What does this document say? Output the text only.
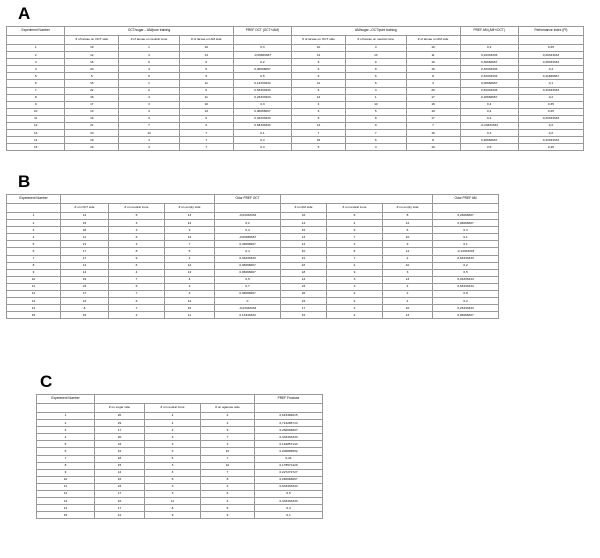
A
Experiment Number	OCT/sugar – AM/pure training			PREF OCT (OCT+/AM)	AM/sugar –OCT/pure training			PREF AM (AM+/OCT)	Performance Index (PI)
	# of larvae on OCT side	# of larvae on neutral zone	# of larvae on AM side		# of larvae on OCT side	# of larvae on neutral zone	# of larvae on AM side		
1	19	1	10	0,3	10	4	16	0,2	0,25
2	12	4	14	-0,06666667	14	13	11	0,23333333	0,26333333
3	15	6	9	0,2	5	9	16	0,36666667	0,28333333
4	20	4	6	0,46666667	6	8	16	0,33333333	0,4
5	5	5	5	0,5	6	6	8	0,33333333	0,41666667
6	15	1	11	0,13333333	11	6	3	0,06666667	0,1
7	22	2	6	0,53333333	6	4	20	0,53333333	0,43333333
8	18	4	11	0,23333333	12	1	17	0,16666667	0,2
9	17	3	10	0,3	4	10	16	0,4	0,35
10	13	3	14	0,06666667	6	5	19	0,4	0,25
11	19	3	9	0,33333333	5	8	17	0,4	0,23333333
12	21	7	2	0,63333333	14	9	7	-0,23333333	0,2
13	10	13	7	0,1	7	7	16	0,3	0,2
14	19	4	7	0,4	16	6	8	0,46666667	0,43333333
15	19	4	7	0,4	5	4	19	0,5	0,45
B
Experiment Number				Odor PREF OCT				Odor PREF AM
	# on OCT side	# on neutral zone	# on empty side		# on AM side	# on neutral zone	# on empty side	
1	12	5	13	-0,03333333	16	6	8	0,26666667
2	15	3	12	0,2	14	4	12	0,06666667
3	18	3	9	0,3	15	9	6	0,3
4	11	6	13	-0,06666667	13	7	10	0,1
5	21	2	7	0,46666667	12	3	9	0,1
6	17	8	5	0,4	10	6	14	-0,13333333
7	17	9	4	0,43333333	21	7	2	0,63333333
8	14	6	12	0,06666667	16	4	10	0,2
9	14	4	12	0,06666667	18	9	3	0,5
10	19	7	4	0,5	14	3	13	0,03333333
11	23	5	2	0,7	23	3	4	0,63333333
12	17	7	6	0,36666667	26	2	2	0,8
13	12	6	12	0	24	2	4	0,2
14	8	7	15	-0,23333333	17	3	10	0,23333333
15	15	4	11	0,13333333	15	2	13	0,06666667
C
Experiment Number				PREF Fructose
	# on sugar side	# on neutral zone	# on agarose side	
1	20	2	4	0,615384615
2	29	2	4	0,714285714
3	17	4	9	0,266666667
4	20	3	7	0,433333333
5	24	3	3	0,142857143
6	16	3	10	0,206896552
7	18	5	7	0,24
8	15	3	10	0,178571429
9	12	3	7	0,227272727
10	16	6	8	0,266666667
11	23	3	4	0,633333333
12	17	3	6	0,5
13	16	11	3	0,433333333
14	17	8	5	0,4
15	12	9	9	0,1
